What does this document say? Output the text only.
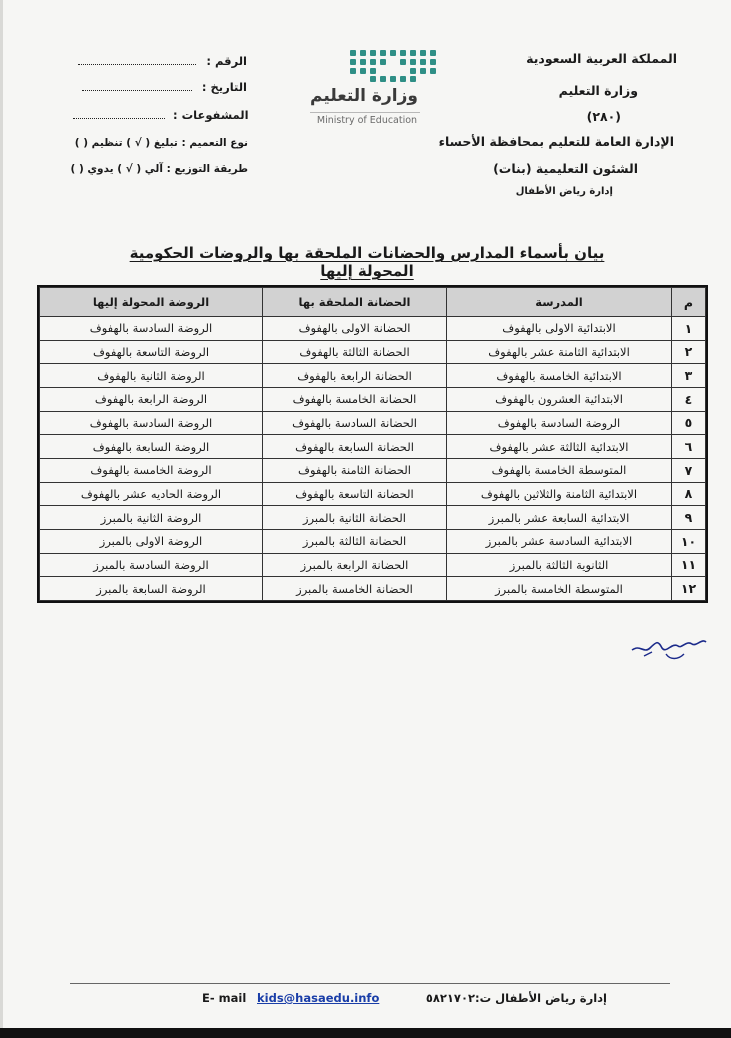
المملكة العربية السعودية
وزارة التعليم
(٢٨٠)
الإدارة العامة للتعليم بمحافظة الأحساء
الشئون التعليمية (بنات)
إدارة رياض الأطفال
الرقم :
التاريخ :
المشفوعات :
نوع التعميم : تبليغ ( √ ) تنظيم ( )
طريقة التوزيع : آلي ( √ ) يدوي ( )
وزارة التعليم
Ministry of Education
بيان بأسماء المدارس والحضانات الملحقة بها والروضات الحكومية المحولة إليها
م	المدرسة	الحضانة الملحقة بها	الروضة المحولة إليها
١	الابتدائية الاولى بالهفوف	الحضانة الاولى بالهفوف	الروضة السادسة بالهفوف
٢	الابتدائية الثامنة عشر بالهفوف	الحضانة الثالثة بالهفوف	الروضة التاسعة بالهفوف
٣	الابتدائية الخامسة بالهفوف	الحضانة الرابعة بالهفوف	الروضة الثانية بالهفوف
٤	الابتدائية العشرون بالهفوف	الحضانة الخامسة بالهفوف	الروضة الرابعة بالهفوف
٥	الروضة السادسة بالهفوف	الحضانة السادسة بالهفوف	الروضة السادسة بالهفوف
٦	الابتدائية الثالثة عشر بالهفوف	الحضانة السابعة بالهفوف	الروضة السابعة بالهفوف
٧	المتوسطة الخامسة بالهفوف	الحضانة الثامنة بالهفوف	الروضة الخامسة بالهفوف
٨	الابتدائية الثامنة والثلاثين بالهفوف	الحضانة التاسعة بالهفوف	الروضة الحاديه عشر بالهفوف
٩	الابتدائية السابعة عشر بالمبرز	الحضانة الثانية بالمبرز	الروضة الثانية بالمبرز
١٠	الابتدائية السادسة عشر بالمبرز	الحضانة الثالثة بالمبرز	الروضة الاولى بالمبرز
١١	الثانوية الثالثة بالمبرز	الحضانة الرابعة بالمبرز	الروضة السادسة بالمبرز
١٢	المتوسطة الخامسة بالمبرز	الحضانة الخامسة بالمبرز	الروضة السابعة بالمبرز
إدارة رياض الأطفال ت:٥٨٢١٧٠٢
E- mail kids@hasaedu.info
